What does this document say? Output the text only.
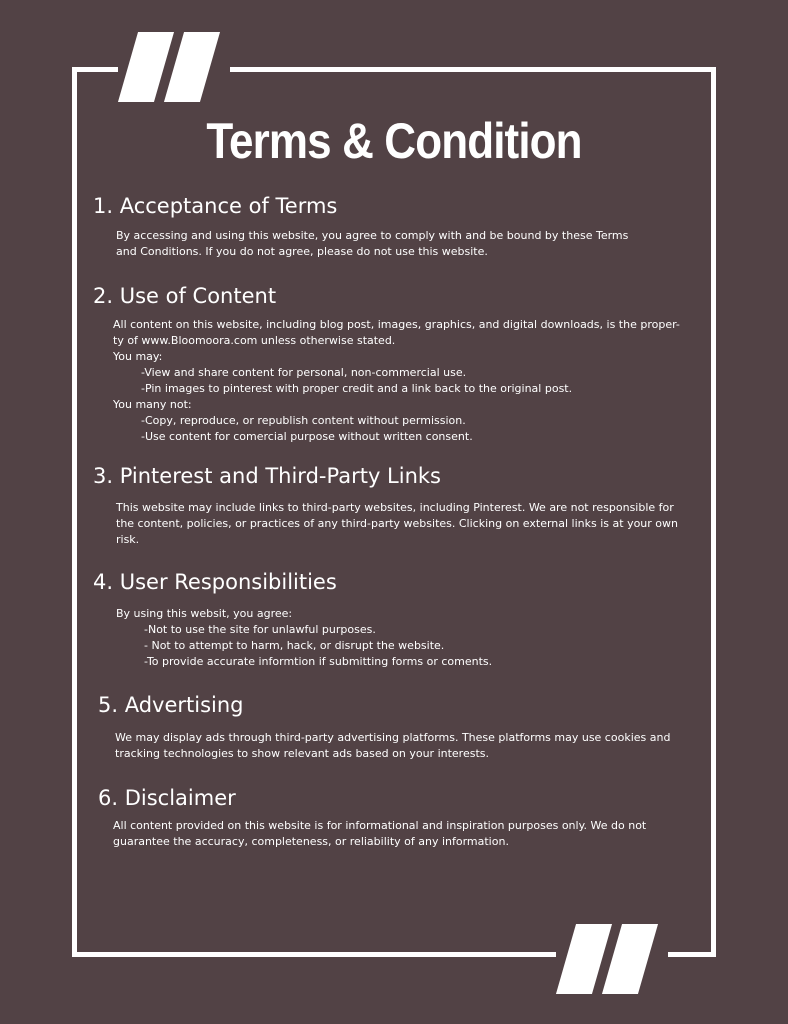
Terms & Condition
1. Acceptance of Terms

By accessing and using this website, you agree to comply with and be bound by these Terms

and Conditions. If you do not agree, please do not use this website.

2. Use of Content

All content on this website, including blog post, images, graphics, and digital downloads, is the proper-

ty of www.Bloomoora.com unless otherwise stated.

You may:

-View and share content for personal, non-commercial use.

-Pin images to pinterest with proper credit and a link back to the original post.

You many not:

-Copy, reproduce, or republish content without permission.

-Use content for comercial purpose without written consent.

3. Pinterest and Third-Party Links

This website may include links to third-party websites, including Pinterest. We are not responsible for

the content, policies, or practices of any third-party websites. Clicking on external links is at your own

risk.

4. User Responsibilities

By using this websit, you agree:

-Not to use the site for unlawful purposes.

- Not to attempt to harm, hack, or disrupt the website.

-To provide accurate informtion if submitting forms or coments.

5. Advertising

We may display ads through third-party advertising platforms. These platforms may use cookies and

tracking technologies to show relevant ads based on your interests.

6. Disclaimer

All content provided on this website is for informational and inspiration purposes only. We do not

guarantee the accuracy, completeness, or reliability of any information.
